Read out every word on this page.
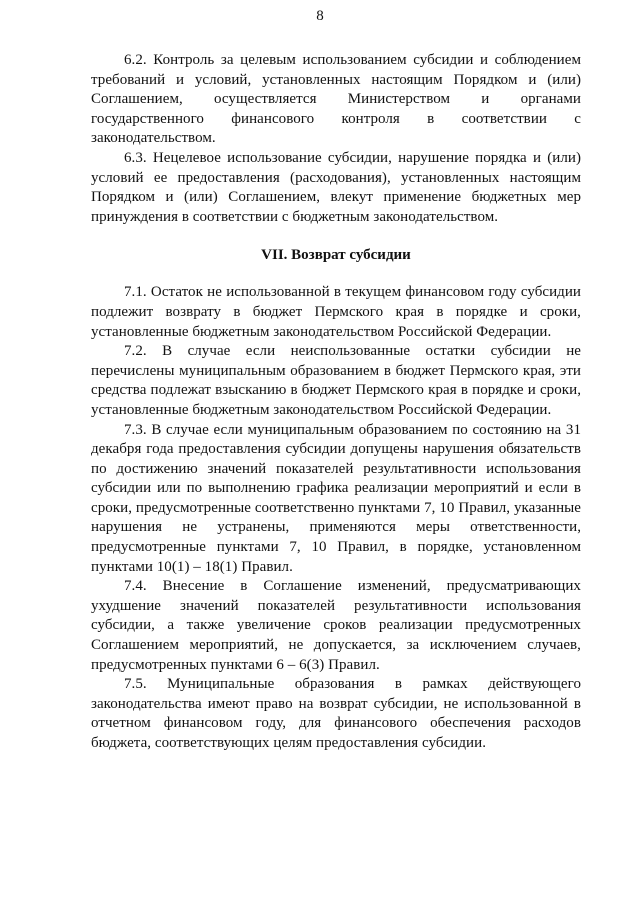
8

6.2. Контроль за целевым использованием субсидии и соблюдением требований и условий, установленных настоящим Порядком и (или) Соглашением, осуществляется Министерством и органами государственного финансового контроля в соответствии с законодательством.

6.3. Нецелевое использование субсидии, нарушение порядка и (или) условий ее предоставления (расходования), установленных настоящим Порядком и (или) Соглашением, влекут применение бюджетных мер принуждения в соответствии с бюджетным законодательством.

VII. Возврат субсидии

7.1. Остаток не использованной в текущем финансовом году субсидии подлежит возврату в бюджет Пермского края в порядке и сроки, установленные бюджетным законодательством Российской Федерации.

7.2. В случае если неиспользованные остатки субсидии не перечислены муниципальным образованием в бюджет Пермского края, эти средства подлежат взысканию в бюджет Пермского края в порядке и сроки, установленные бюджетным законодательством Российской Федерации.

7.3. В случае если муниципальным образованием по состоянию на 31 декабря года предоставления субсидии допущены нарушения обязательств по достижению значений показателей результативности использования субсидии или по выполнению графика реализации мероприятий и если в сроки, предусмотренные соответственно пунктами 7, 10 Правил, указанные нарушения не устранены, применяются меры ответственности, предусмотренные пунктами 7, 10 Правил, в порядке, установленном пунктами 10(1) – 18(1) Правил.

7.4. Внесение в Соглашение изменений, предусматривающих ухудшение значений показателей результативности использования субсидии, а также увеличение сроков реализации предусмотренных Соглашением мероприятий, не допускается, за исключением случаев, предусмотренных пунктами 6 – 6(3) Правил.

7.5. Муниципальные образования в рамках действующего законодательства имеют право на возврат субсидии, не использованной в отчетном финансовом году, для финансового обеспечения расходов бюджета, соответствующих целям предоставления субсидии.
